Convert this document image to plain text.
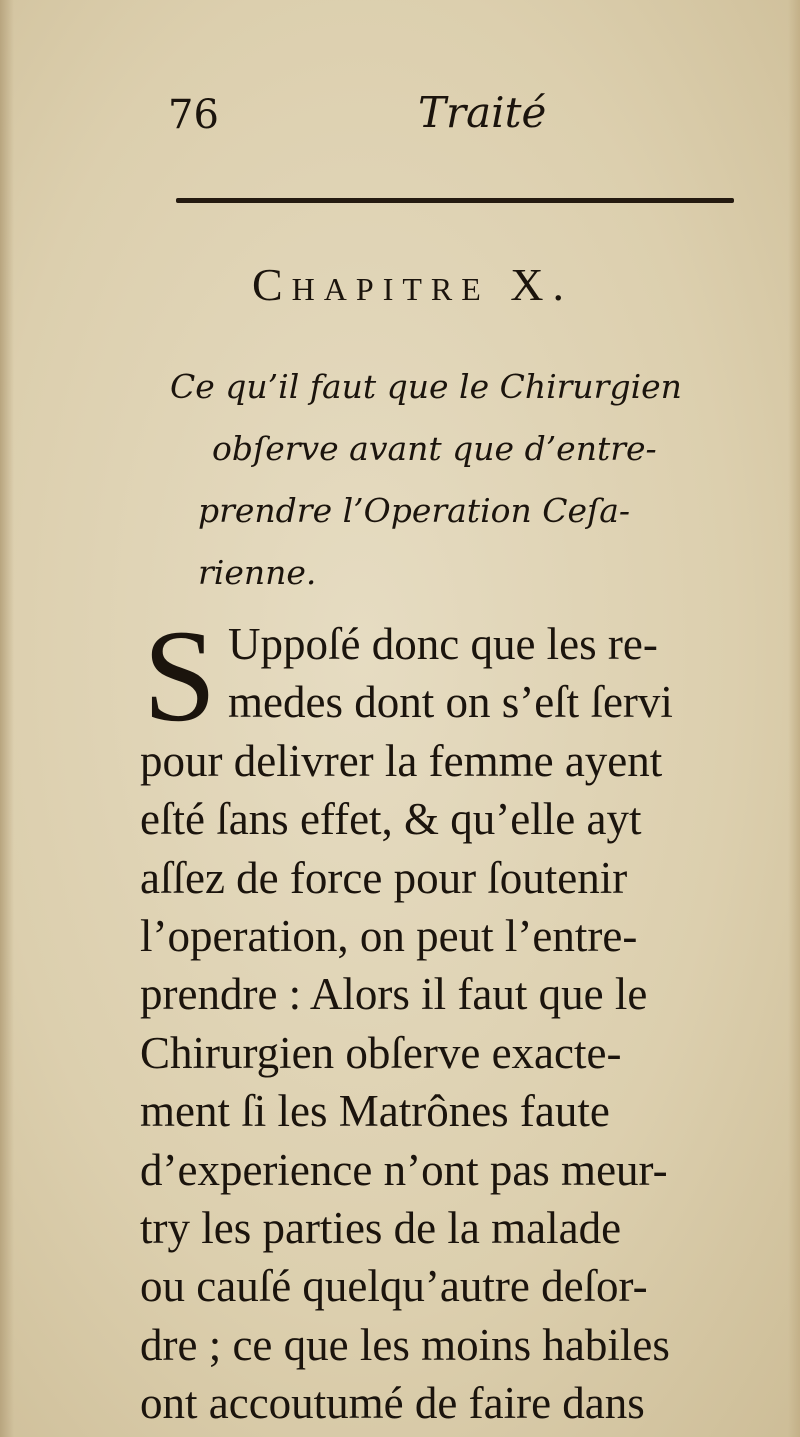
76	Traité
Chapitre X.
Ce qu’il faut que le Chirurgien
obſerve avant que d’entre-
prendre l’Operation Ceſa-
rienne.
S Uppoſé donc que les re-
medes dont on s’eſt ſervi
pour delivrer la femme ayent
eſté ſans effet, & qu’elle ayt
aſſez de force pour ſoutenir
l’operation, on peut l’entre-
prendre : Alors il faut que le
Chirurgien obſerve exacte-
ment ſi les Matrônes faute
d’experience n’ont pas meur-
try les parties de la malade
ou cauſé quelqu’autre deſor-
dre ; ce que les moins habiles
ont accoutumé de faire dans
